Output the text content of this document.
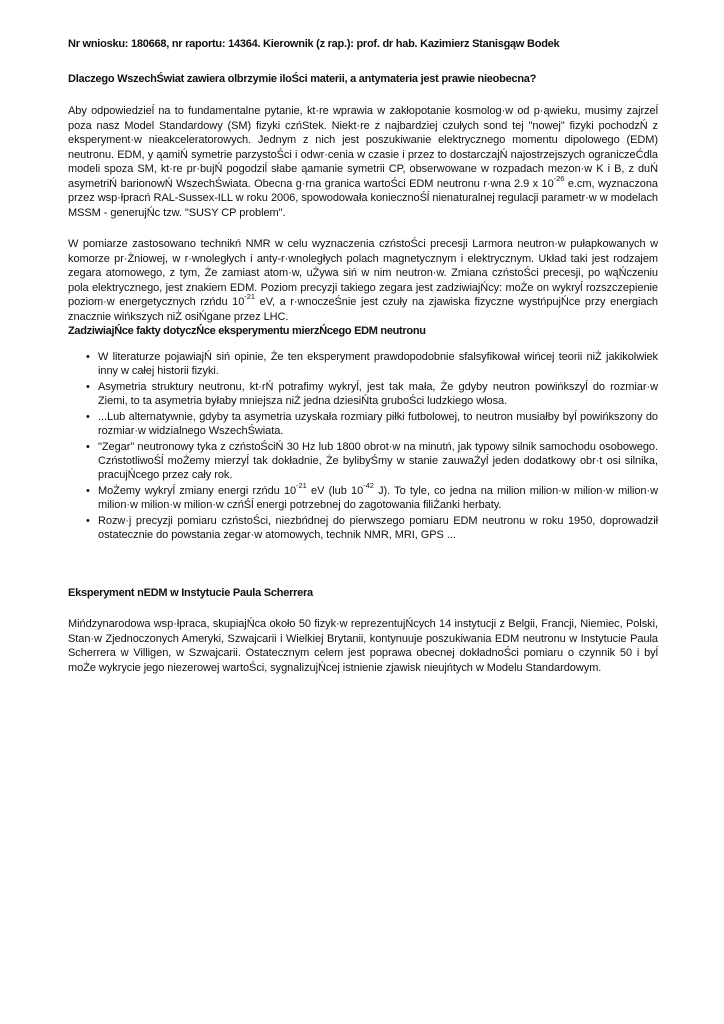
Nr wniosku: 180668, nr raportu: 14364. Kierownik (z rap.): prof. dr hab. Kazimierz Stanisgąw Bodek
Dlaczego WszechŚwiat zawiera olbrzymie iloŚci materii, a antymateria jest prawie nieobecna?

Aby odpowiedzieĺ na to fundamentalne pytanie, kt·re wprawia w zakłopotanie kosmolog·w od p·ąwieku, musimy zajrzeĺ poza nasz Model Standardowy (SM) fizyki czńStek. Niekt·re z najbardziej czułych sond tej "nowej" fizyki pochodzŃ z eksperyment·w nieakceleratorowych. Jednym z nich jest poszukiwanie elektrycznego momentu dipolowego (EDM) neutronu. EDM, y ąamiŃ symetrie parzystoŚci i odwr·cenia w czasie i przez to dostarczajŃ najostrzejszych ograniczeĆdla modeli spoza SM, kt·re pr·bujŃ pogodziĺ słabe ąamanie symetrii CP, obserwowane w rozpadach mezon·w K i B, z duŃ asymetriŃ barionowŃ WszechŚwiata. Obecna g·rna granica wartoŚci EDM neutronu r·wna 2.9 x $10^{-26}$ e.cm, wyznaczona przez wsp·łpracń RAL-Sussex-ILL w roku 2006, spowodowała koniecznoŚĺ nienaturalnej regulacji parametr·w w modelach MSSM - generujŃc tzw. "SUSY CP problem".

W pomiarze zastosowano technikń NMR w celu wyznaczenia czństoŚci precesji Larmora neutron·w pułapkowanych w komorze pr·Żniowej, w r·wnoległych i anty-r·wnoległych polach magnetycznym i elektrycznym. Układ taki jest rodzajem zegara atomowego, z tym, Że zamiast atom·w, uŻywa siń w nim neutron·w. Zmiana czństoŚci precesji, po wąŃczeniu pola elektrycznego, jest znakiem EDM. Poziom precyzji takiego zegara jest zadziwiajŃcy: moŻe on wykryĺ rozszczepienie poziom·w energetycznych rzńdu $10^{-21}$ eV, a r·wnoczeŚnie jest czuły na zjawiska fizyczne wystńpujŃce przy energiach znacznie wińkszych niŻ osiŃgane przez LHC.

ZadziwiajŃce fakty dotyczŃce eksperymentu mierzŃcego EDM neutronu
• W literaturze pojawiajŃ siń opinie, Że ten eksperyment prawdopodobnie sfalsyfikował wińcej teorii niŻ jakikolwiek inny w całej historii fizyki.
• Asymetria struktury neutronu, kt·rŃ potrafimy wykryĺ, jest tak mała, Że gdyby neutron powińkszyĺ do rozmiar·w Ziemi, to ta asymetria byłaby mniejsza niŻ jedna dziesiŃta gruboŚci ludzkiego włosa.
• ...Lub alternatywnie, gdyby ta asymetria uzyskała rozmiary piłki futbolowej, to neutron musiałby byĺ powińkszony do rozmiar·w widzialnego WszechŚwiata.
• "Zegar" neutronowy tyka z czństoŚciŃ 30 Hz lub 1800 obrot·w na minutń, jak typowy silnik samochodu osobowego. CzństotliwoŚĺ moŻemy mierzyĺ tak dokładnie, Że bylibyŚmy w stanie zauwaŻyĺ jeden dodatkowy obr·t osi silnika, pracujŃcego przez cały rok.
• MoŻemy wykryĺ zmiany energi rzńdu $10^{-21}$ eV (lub $10^{-42}$ J). To tyle, co jedna na milion milion·w milion·w milion·w milion·w milion·w milion·w czńŚĺ energi potrzebnej do zagotowania filiŻanki herbaty.
• Rozw·j precyzji pomiaru czństoŚci, niezbńdnej do pierwszego pomiaru EDM neutronu w roku 1950, doprowadził ostatecznie do powstania zegar·w atomowych, technik NMR, MRI, GPS ...
Eksperyment nEDM w Instytucie Paula Scherrera

Mińdzynarodowa wsp·łpraca, skupiajŃca około 50 fizyk·w reprezentujŃcych 14 instytucji z Belgii, Francji, Niemiec, Polski, Stan·w Zjednoczonych Ameryki, Szwajcarii i Wielkiej Brytanii, kontynuuje poszukiwania EDM neutronu w Instytucie Paula Scherrera w Villigen, w Szwajcarii. Ostatecznym celem jest poprawa obecnej dokładnoŚci pomiaru o czynnik 50 i byĺ moŻe wykrycie jego niezerowej wartoŚci, sygnalizujŃcej istnienie zjawisk nieujńtych w Modelu Standardowym.
